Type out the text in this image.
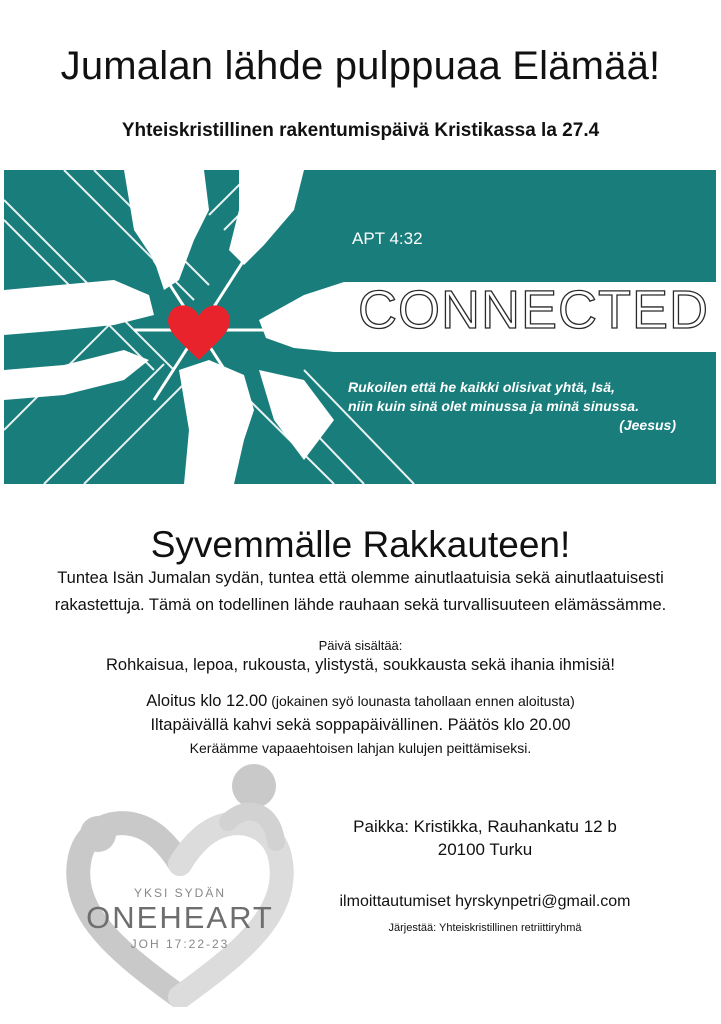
Jumalan lähde pulppuaa Elämää!
Yhteiskristillinen rakentumispäivä Kristikassa la 27.4
APT 4:32
CONNECTED
Rukoilen että he kaikki olisivat yhtä, Isä,
niin kuin sinä olet minussa ja minä sinussa.
(Jeesus)
Syvemmälle Rakkauteen!
Tuntea Isän Jumalan sydän, tuntea että olemme ainutlaatuisia sekä ainutlaatuisesti
rakastettuja. Tämä on todellinen lähde rauhaan sekä turvallisuuteen elämässämme.
Päivä sisältää:
Rohkaisua, lepoa, rukousta, ylistystä, soukkausta sekä ihania ihmisiä!
Aloitus klo 12.00 (jokainen syö lounasta tahollaan ennen aloitusta)
Iltapäivällä kahvi sekä soppapäivällinen. Päätös klo 20.00
Keräämme vapaaehtoisen lahjan kulujen peittämiseksi.
YKSI SYDÄN
ONEHEART
JOH 17:22-23
Paikka: Kristikka, Rauhankatu 12 b
20100 Turku
ilmoittautumiset hyrskynpetri@gmail.com
Järjestää: Yhteiskristillinen retriittiryhmä
